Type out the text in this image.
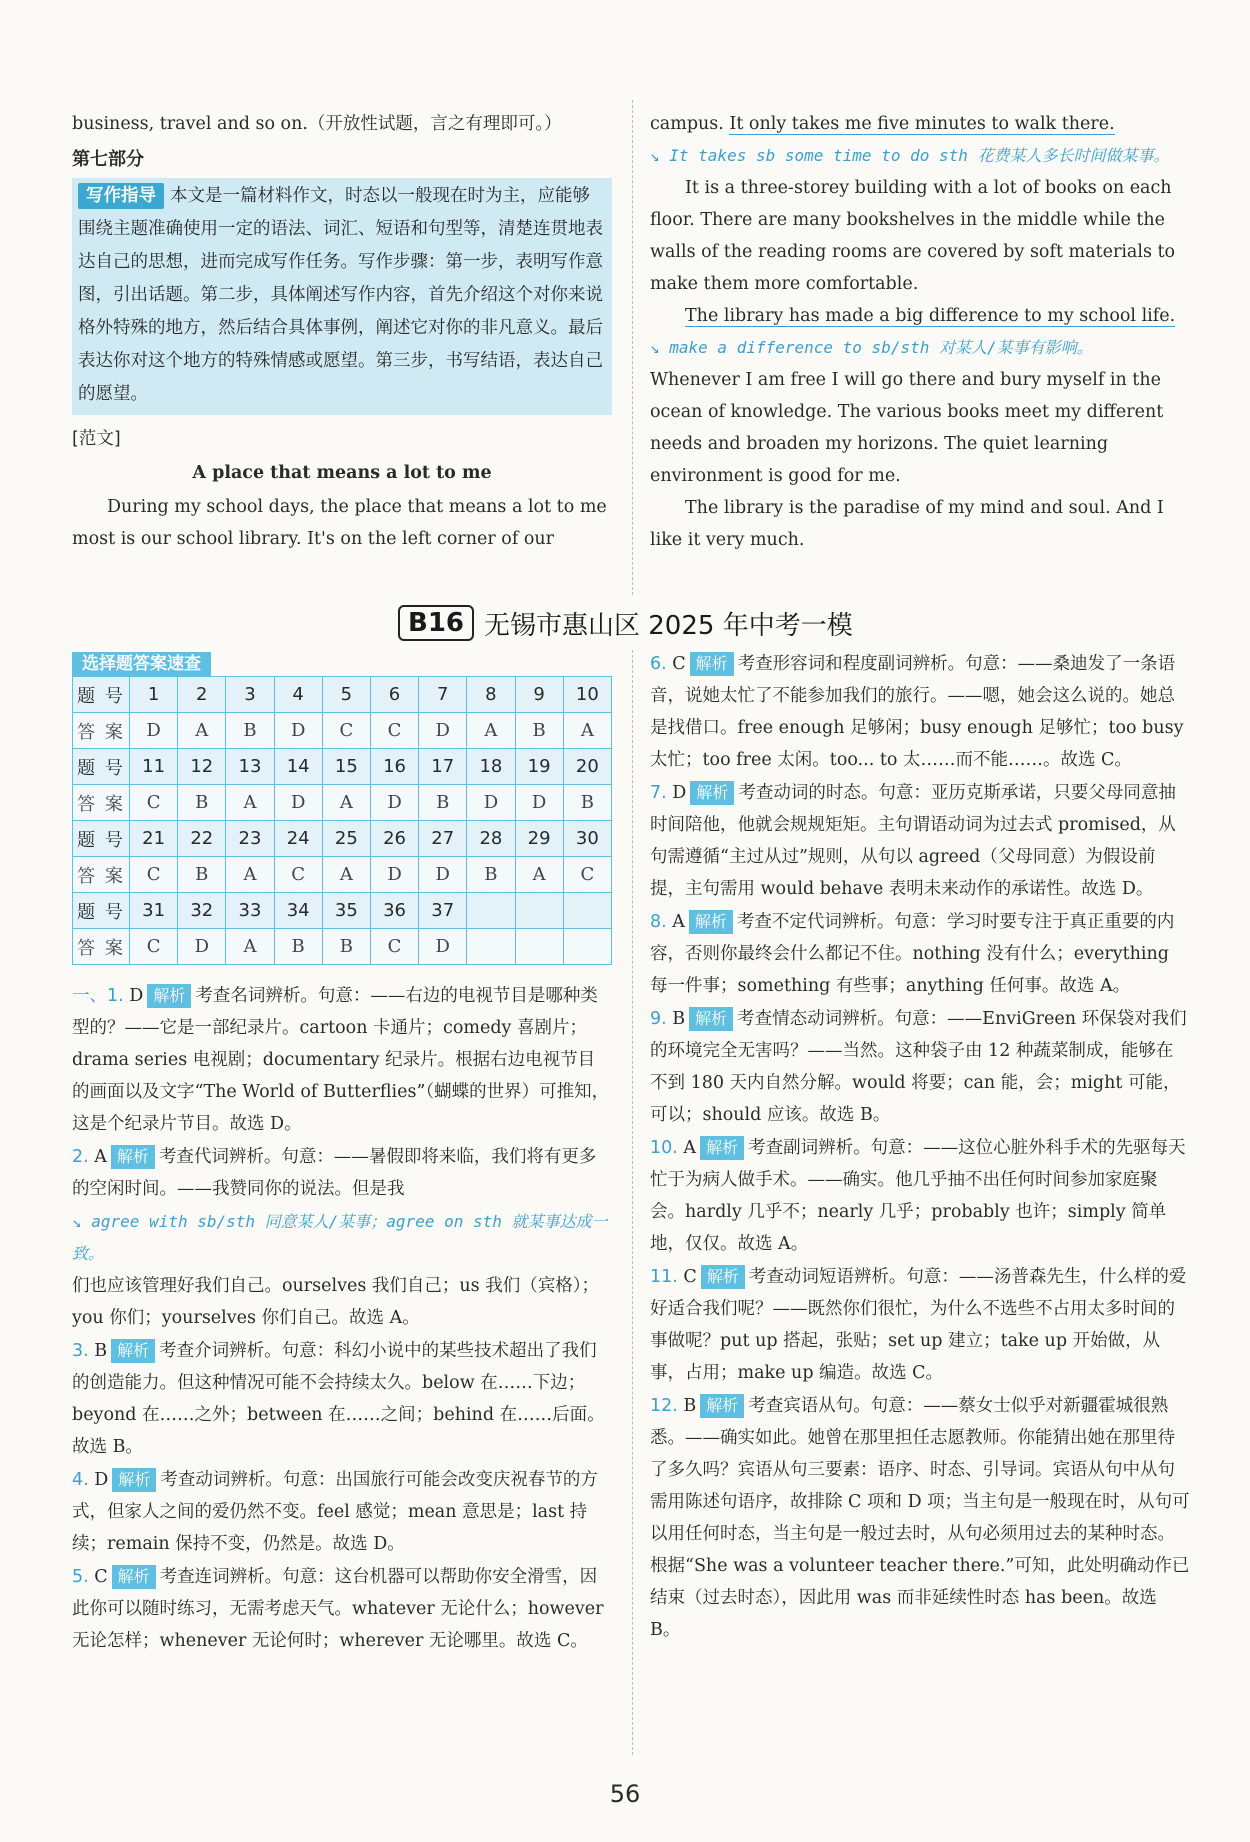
business, travel and so on.（开放性试题，言之有理即可。）

第七部分

写作指导 本文是一篇材料作文，时态以一般现在时为主，应能够围绕主题准确使用一定的语法、词汇、短语和句型等，清楚连贯地表达自己的思想，进而完成写作任务。写作步骤：第一步，表明写作意图，引出话题。第二步，具体阐述写作内容，首先介绍这个对你来说格外特殊的地方，然后结合具体事例，阐述它对你的非凡意义。最后表达你对这个地方的特殊情感或愿望。第三步，书写结语，表达自己的愿望。

[范文]

A place that means a lot to me

During my school days, the place that means a lot to me most is our school library. It's on the left corner of our

campus. It only takes me five minutes to walk there.

↘ It takes sb some time to do sth 花费某人多长时间做某事。

It is a three-storey building with a lot of books on each floor. There are many bookshelves in the middle while the walls of the reading rooms are covered by soft materials to make them more comfortable.

The library has made a big difference to my school life.

↘ make a difference to sb/sth 对某人/某事有影响。

Whenever I am free I will go there and bury myself in the ocean of knowledge. The various books meet my different needs and broaden my horizons. The quiet learning environment is good for me.

The library is the paradise of my mind and soul. And I like it very much.

B16 无锡市惠山区 2025 年中考一模
选择题答案速查
题 号	1	2	3	4	5	6	7	8	9	10
答 案	D	A	B	D	C	C	D	A	B	A
题 号	11	12	13	14	15	16	17	18	19	20
答 案	C	B	A	D	A	D	B	D	D	B
题 号	21	22	23	24	25	26	27	28	29	30
答 案	C	B	A	C	A	D	D	B	A	C
题 号	31	32	33	34	35	36	37			
答 案	C	D	A	B	B	C	D			

一、1. D 解析 考查名词辨析。句意：——右边的电视节目是哪种类型的？——它是一部纪录片。cartoon 卡通片；comedy 喜剧片；drama series 电视剧；documentary 纪录片。根据右边电视节目的画面以及文字“The World of Butterflies”（蝴蝶的世界）可推知，这是个纪录片节目。故选 D。

2. A 解析 考查代词辨析。句意：——暑假即将来临，我们将有更多的空闲时间。——我赞同你的说法。但是我

↘ agree with sb/sth 同意某人/某事；agree on sth 就某事达成一致。

们也应该管理好我们自己。ourselves 我们自己；us 我们（宾格）；you 你们；yourselves 你们自己。故选 A。

3. B 解析 考查介词辨析。句意：科幻小说中的某些技术超出了我们的创造能力。但这种情况可能不会持续太久。below 在……下边；beyond 在……之外；between 在……之间；behind 在……后面。故选 B。

4. D 解析 考查动词辨析。句意：出国旅行可能会改变庆祝春节的方式，但家人之间的爱仍然不变。feel 感觉；mean 意思是；last 持续；remain 保持不变，仍然是。故选 D。

5. C 解析 考查连词辨析。句意：这台机器可以帮助你安全滑雪，因此你可以随时练习，无需考虑天气。whatever 无论什么；however 无论怎样；whenever 无论何时；wherever 无论哪里。故选 C。

6. C 解析 考查形容词和程度副词辨析。句意：——桑迪发了一条语音，说她太忙了不能参加我们的旅行。——嗯，她会这么说的。她总是找借口。free enough 足够闲；busy enough 足够忙；too busy 太忙；too free 太闲。too... to 太……而不能……。故选 C。

7. D 解析 考查动词的时态。句意：亚历克斯承诺，只要父母同意抽时间陪他，他就会规规矩矩。主句谓语动词为过去式 promised，从句需遵循“主过从过”规则，从句以 agreed（父母同意）为假设前提，主句需用 would behave 表明未来动作的承诺性。故选 D。

8. A 解析 考查不定代词辨析。句意：学习时要专注于真正重要的内容，否则你最终会什么都记不住。nothing 没有什么；everything 每一件事；something 有些事；anything 任何事。故选 A。

9. B 解析 考查情态动词辨析。句意：——EnviGreen 环保袋对我们的环境完全无害吗？——当然。这种袋子由 12 种蔬菜制成，能够在不到 180 天内自然分解。would 将要；can 能，会；might 可能，可以；should 应该。故选 B。

10. A 解析 考查副词辨析。句意：——这位心脏外科手术的先驱每天忙于为病人做手术。——确实。他几乎抽不出任何时间参加家庭聚会。hardly 几乎不；nearly 几乎；probably 也许；simply 简单地，仅仅。故选 A。

11. C 解析 考查动词短语辨析。句意：——汤普森先生，什么样的爱好适合我们呢？——既然你们很忙，为什么不选些不占用太多时间的事做呢？put up 搭起，张贴；set up 建立；take up 开始做，从事，占用；make up 编造。故选 C。

12. B 解析 考查宾语从句。句意：——蔡女士似乎对新疆霍城很熟悉。——确实如此。她曾在那里担任志愿教师。你能猜出她在那里待了多久吗？宾语从句三要素：语序、时态、引导词。宾语从句中从句需用陈述句语序，故排除 C 项和 D 项；当主句是一般现在时，从句可以用任何时态，当主句是一般过去时，从句必须用过去的某种时态。根据“She was a volunteer teacher there.”可知，此处明确动作已结束（过去时态），因此用 was 而非延续性时态 has been。故选 B。

56
